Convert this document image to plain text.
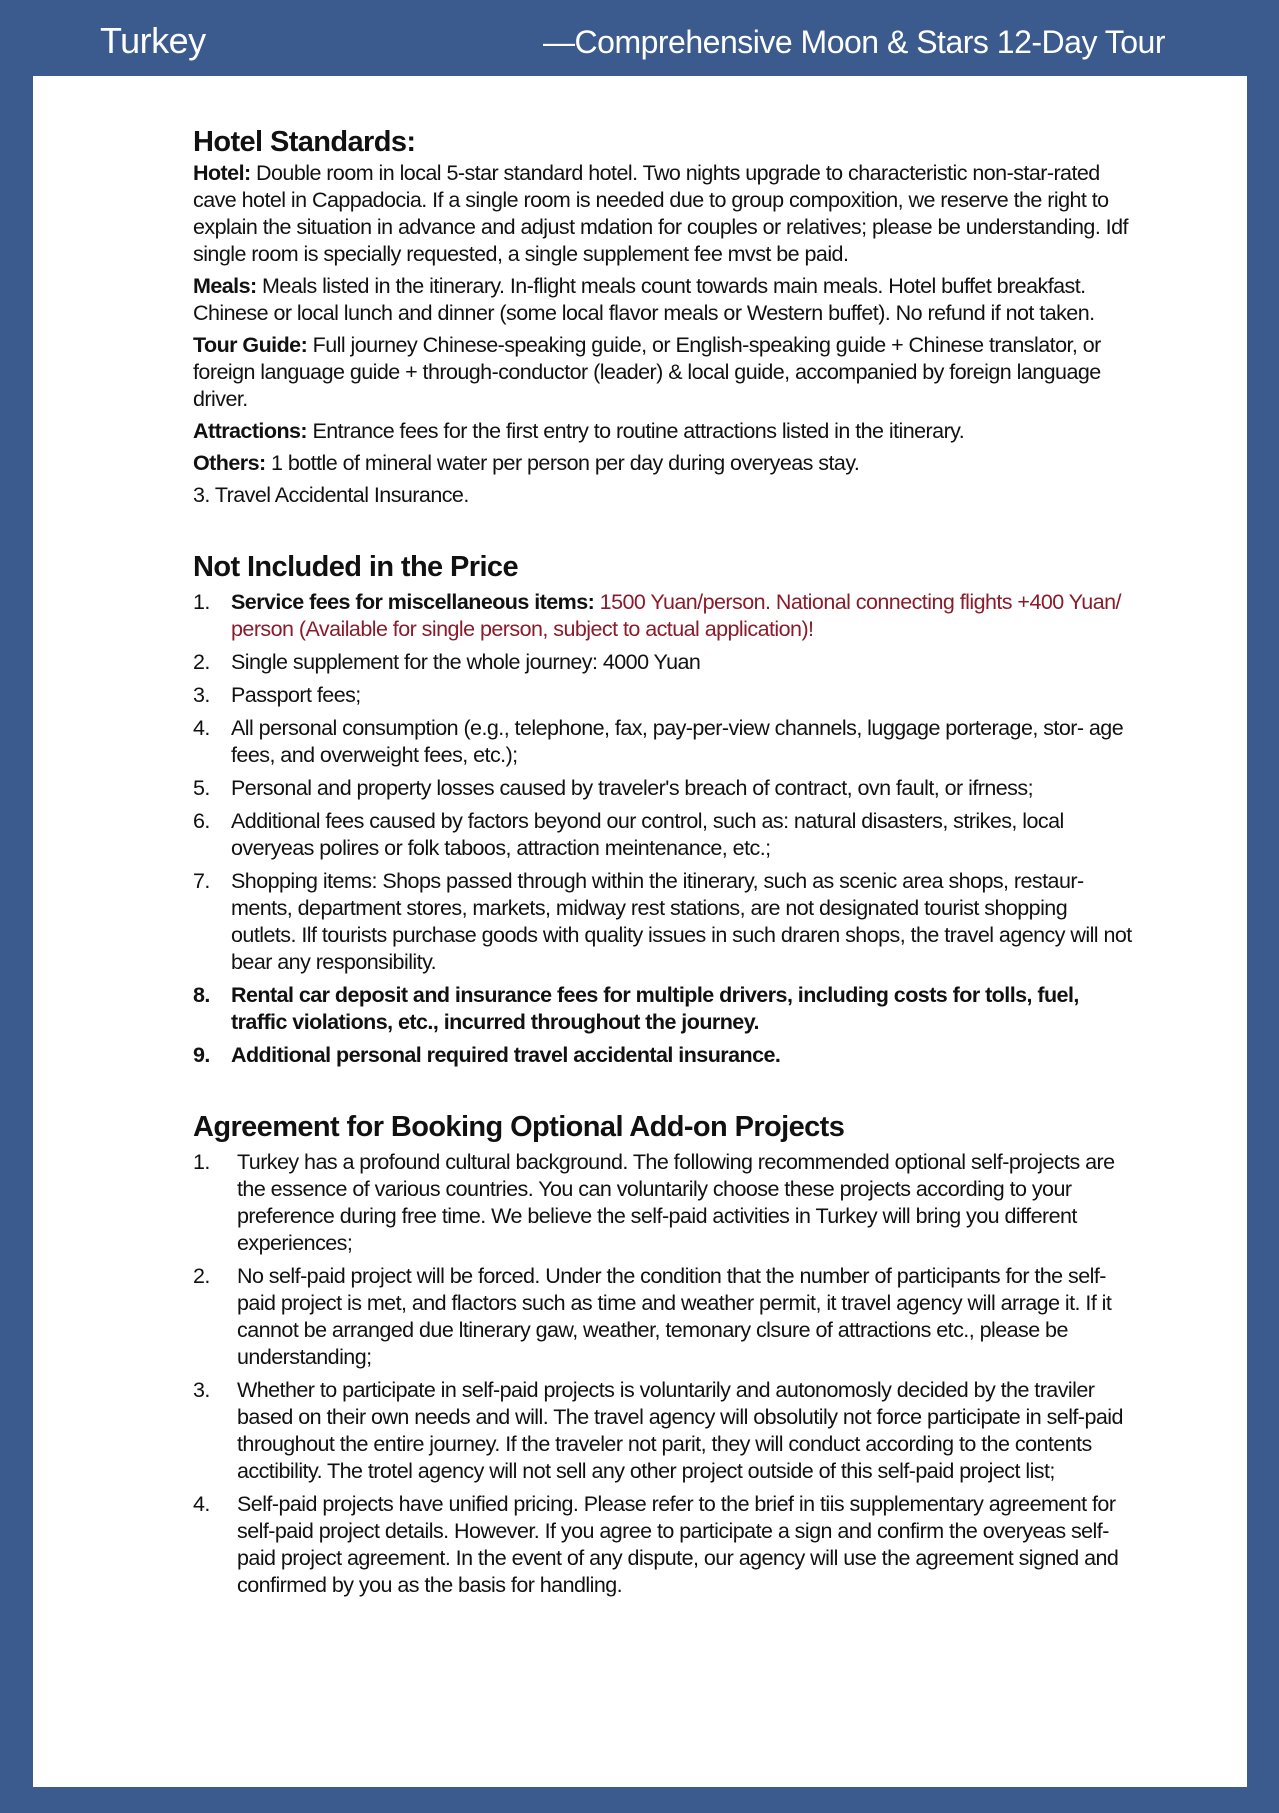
Turkey	—Comprehensive Moon & Stars 12-Day Tour
Hotel Standards:

Hotel: Double room in local 5-star standard hotel. Two nights upgrade to characteristic non-star-rated cave hotel in Cappadocia. If a single room is needed due to group compoxition, we reserve the right to explain the situation in advance and adjust mdation for couples or relatives; please be understanding. Idf single room is specially requested, a single supplement fee mvst be paid.

Meals: Meals listed in the itinerary. In-flight meals count towards main meals. Hotel buffet breakfast. Chinese or local lunch and dinner (some local flavor meals or Western buffet). No refund if not taken.

Tour Guide: Full journey Chinese-speaking guide, or English-speaking guide + Chinese translator, or foreign language guide + through-conductor (leader) & local guide, accompanied by foreign language driver.

Attractions: Entrance fees for the first entry to routine attractions listed in the itinerary.

Others: 1 bottle of mineral water per person per day during overyeas stay.

3. Travel Accidental Insurance.

Not Included in the Price
1. Service fees for miscellaneous items: 1500 Yuan/person. National connecting flights +400 Yuan/ person (Available for single person, subject to actual application)!
2. Single supplement for the whole journey: 4000 Yuan
3. Passport fees;
4. All personal consumption (e.g., telephone, fax, pay-per-view channels, luggage porterage, stor- age fees, and overweight fees, etc.);
5. Personal and property losses caused by traveler's breach of contract, ovn fault, or ifrness;
6. Additional fees caused by factors beyond our control, such as: natural disasters, strikes, local overyeas polires or folk taboos, attraction meintenance, etc.;
7. Shopping items: Shops passed through within the itinerary, such as scenic area shops, restaur- ments, department stores, markets, midway rest stations, are not designated tourist shopping outlets. Ilf tourists purchase goods with quality issues in such draren shops, the travel agency will not bear any responsibility.
8. Rental car deposit and insurance fees for multiple drivers, including costs for tolls, fuel, traffic violations, etc., incurred throughout the journey.
9. Additional personal required travel accidental insurance.
Agreement for Booking Optional Add-on Projects
1. Turkey has a profound cultural background. The following recommended optional self-projects are the essence of various countries. You can voluntarily choose these projects according to your preference during free time. We believe the self-paid activities in Turkey will bring you different experiences;
2. No self-paid project will be forced. Under the condition that the number of participants for the self-paid project is met, and flactors such as time and weather permit, it travel agency will arrage it. If it cannot be arranged due ltinerary gaw, weather, temonary clsure of attractions etc., please be understanding;
3. Whether to participate in self-paid projects is voluntarily and autonomosly decided by the traviler based on their own needs and will. The travel agency will obsolutily not force participate in self-paid throughout the entire journey. If the traveler not parit, they will conduct according to the contents acctibility. The trotel agency will not sell any other project outside of this self-paid project list;
4. Self-paid projects have unified pricing. Please refer to the brief in tiis supplementary agreement for self-paid project details. However. If you agree to participate a sign and confirm the overyeas self-paid project agreement. In the event of any dispute, our agency will use the agreement signed and confirmed by you as the basis for handling.
